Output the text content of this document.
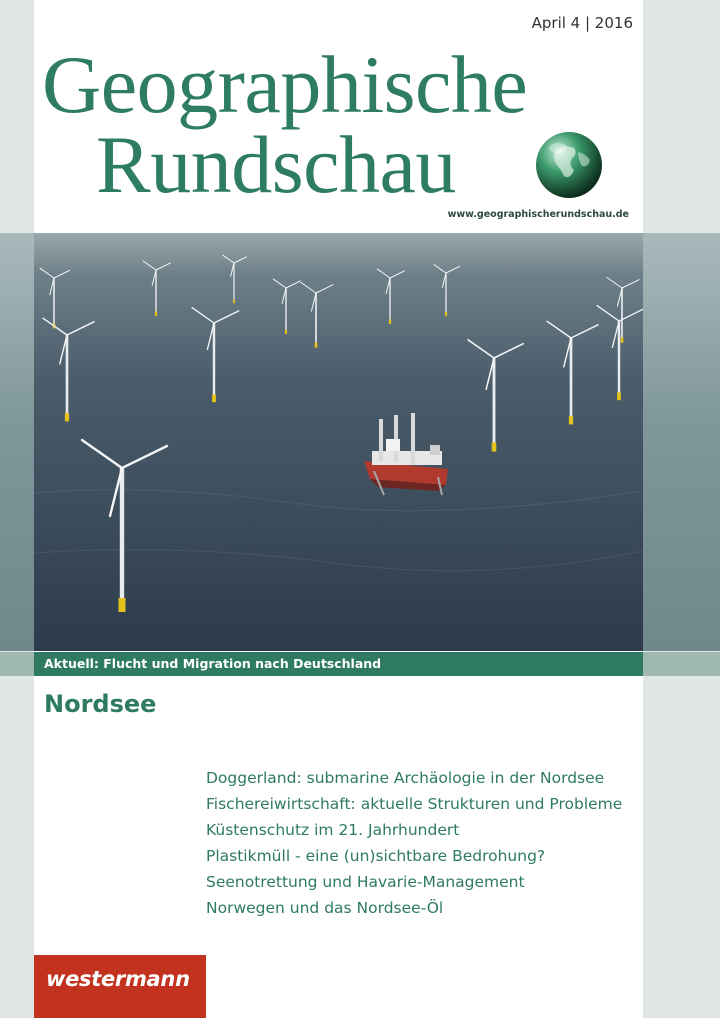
April 4 | 2016
Geographische
Rundschau
www.geographischerundschau.de
Aktuell: Flucht und Migration nach Deutschland
Nordsee
Doggerland: submarine Archäologie in der Nordsee
Fischereiwirtschaft: aktuelle Strukturen und Probleme
Küstenschutz im 21. Jahrhundert
Plastikmüll - eine (un)sichtbare Bedrohung?
Seenotrettung und Havarie-Management
Norwegen und das Nordsee-Öl
westermann
